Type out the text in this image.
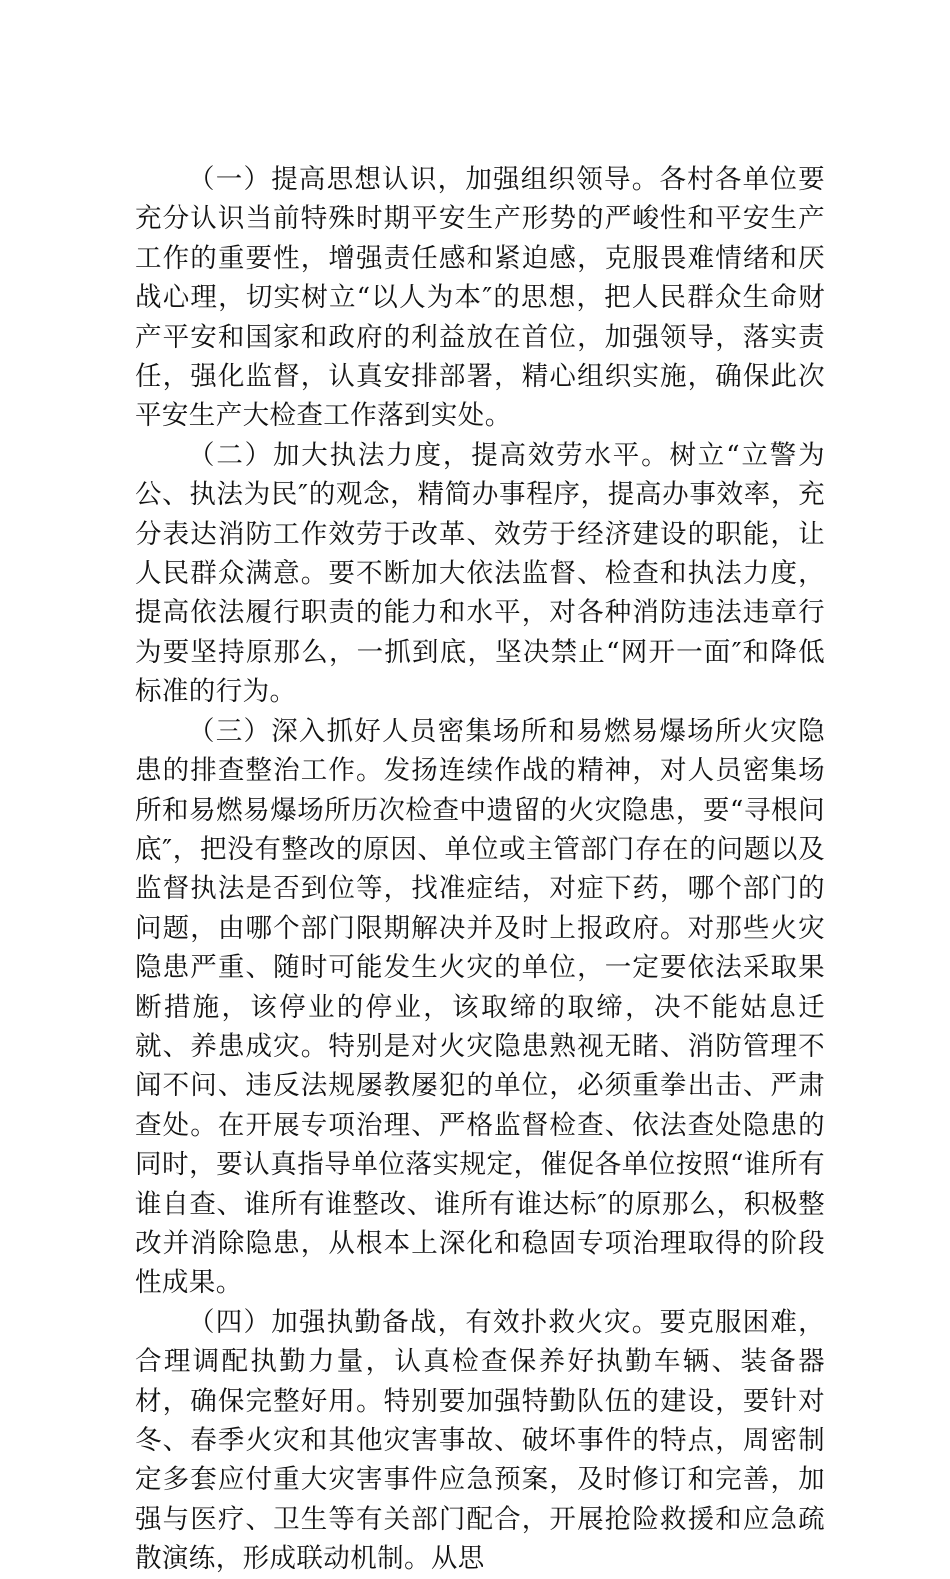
（一）提高思想认识，加强组织领导。各村各单位要充分认识当前特殊时期平安生产形势的严峻性和平安生产工作的重要性，增强责任感和紧迫感，克服畏难情绪和厌战心理，切实树立“以人为本″的思想，把人民群众生命财产平安和国家和政府的利益放在首位，加强领导，落实责任，强化监督，认真安排部署，精心组织实施，确保此次平安生产大检查工作落到实处。

（二）加大执法力度，提高效劳水平。树立“立警为公、执法为民″的观念，精简办事程序，提高办事效率，充分表达消防工作效劳于改革、效劳于经济建设的职能，让人民群众满意。要不断加大依法监督、检查和执法力度，提高依法履行职责的能力和水平，对各种消防违法违章行为要坚持原那么，一抓到底，坚决禁止“网开一面″和降低标准的行为。

（三）深入抓好人员密集场所和易燃易爆场所火灾隐患的排查整治工作。发扬连续作战的精神，对人员密集场所和易燃易爆场所历次检查中遗留的火灾隐患，要“寻根问底″，把没有整改的原因、单位或主管部门存在的问题以及监督执法是否到位等，找准症结，对症下药，哪个部门的问题，由哪个部门限期解决并及时上报政府。对那些火灾隐患严重、随时可能发生火灾的单位，一定要依法采取果断措施，该停业的停业，该取缔的取缔，决不能姑息迁就、养患成灾。特别是对火灾隐患熟视无睹、消防管理不闻不问、违反法规屡教屡犯的单位，必须重拳出击、严肃查处。在开展专项治理、严格监督检查、依法查处隐患的同时，要认真指导单位落实规定，催促各单位按照“谁所有谁自查、谁所有谁整改、谁所有谁达标″的原那么，积极整改并消除隐患，从根本上深化和稳固专项治理取得的阶段性成果。

（四）加强执勤备战，有效扑救火灾。要克服困难，合理调配执勤力量，认真检查保养好执勤车辆、装备器材，确保完整好用。特别要加强特勤队伍的建设，要针对冬、春季火灾和其他灾害事故、破坏事件的特点，周密制定多套应付重大灾害事件应急预案，及时修订和完善，加强与医疗、卫生等有关部门配合，开展抢险救援和应急疏散演练，形成联动机制。从思
